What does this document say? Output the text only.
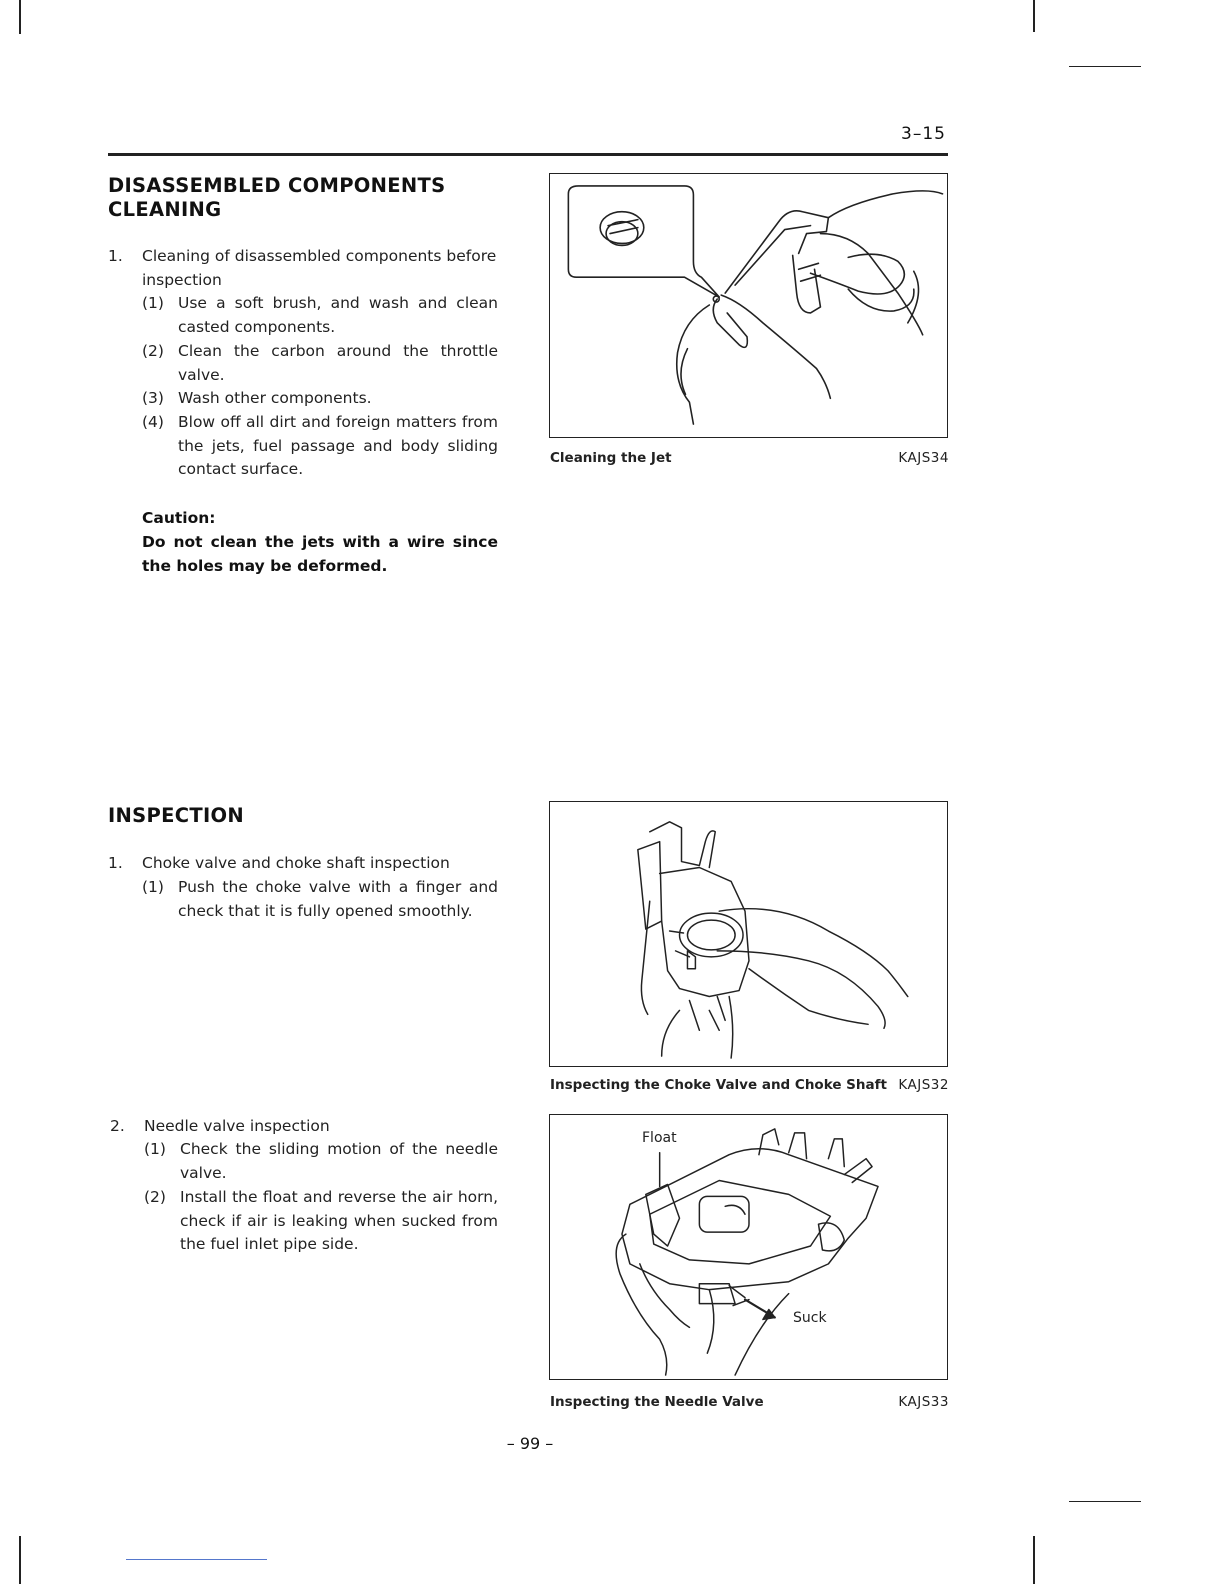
3–15
DISASSEMBLED COMPONENTS
CLEANING
1. Cleaning of disassembled components before inspection
(1) Use a soft brush, and wash and clean casted components.
(2) Clean the carbon around the throttle valve.
(3) Wash other components.
(4) Blow off all dirt and foreign matters from the jets, fuel passage and body sliding contact surface.
Caution:
Do not clean the jets with a wire since the holes may be deformed.
Cleaning the Jet	KAJS34
INSPECTION
1. Choke valve and choke shaft inspection
(1) Push the choke valve with a finger and check that it is fully opened smoothly.
Inspecting the Choke Valve and Choke Shaft KAJS32
2. Needle valve inspection
(1) Check the sliding motion of the needle valve.
(2) Install the float and reverse the air horn, check if air is leaking when sucked from the fuel inlet pipe side.
Float
Suck
Inspecting the Needle Valve	KAJS33
– 99 –
